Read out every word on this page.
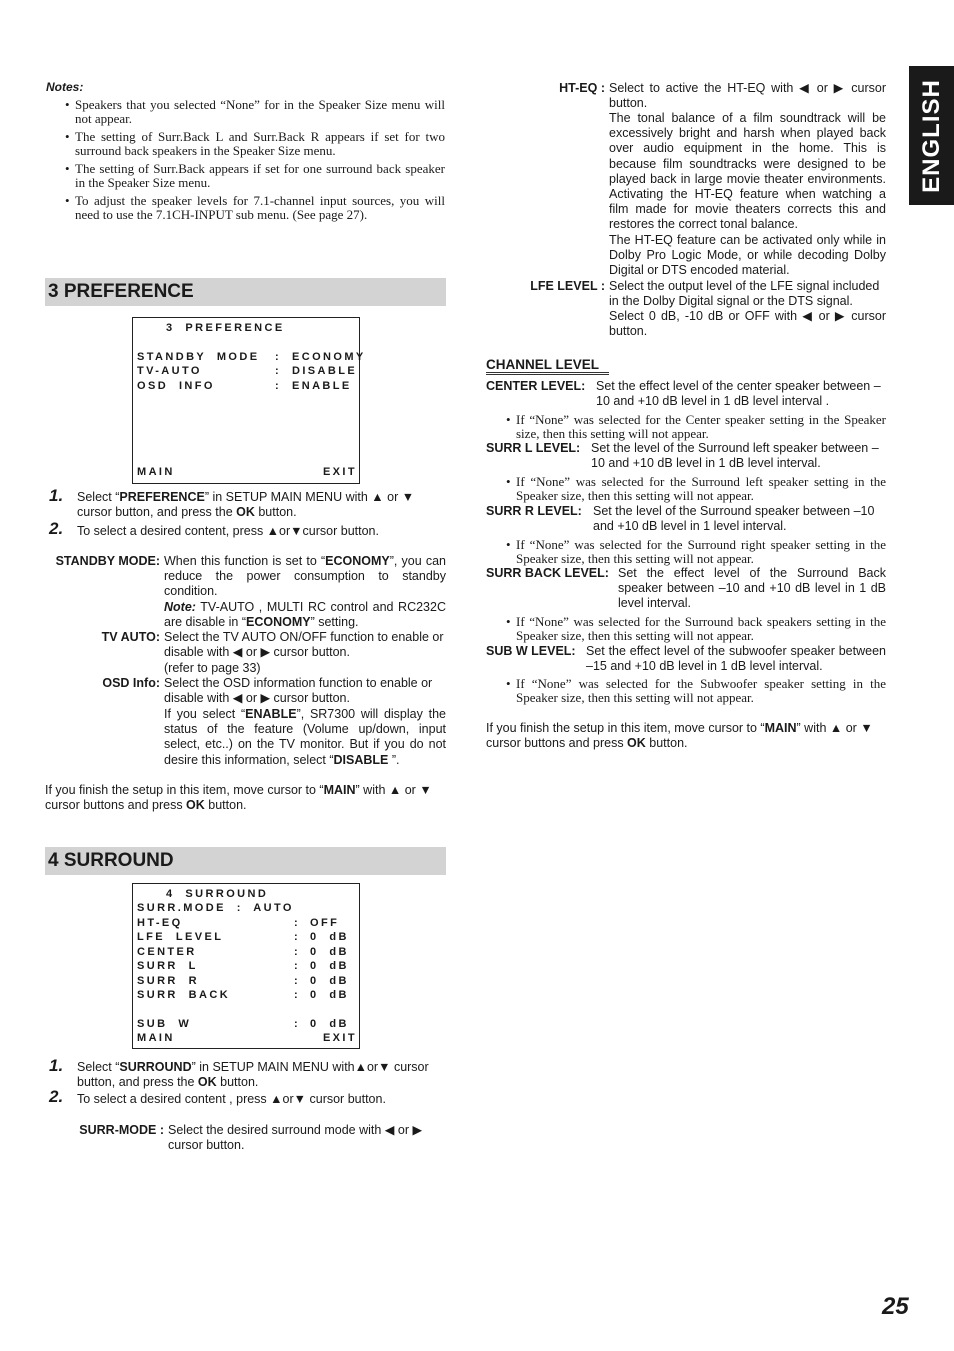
ENGLISH
Notes:
• Speakers that you selected “None” for in the Speaker Size menu will not appear.
• The setting of Surr.Back L and Surr.Back R appears if set for two surround back speakers in the Speaker Size menu.
• The setting of Surr.Back appears if set for one surround back speaker in the Speaker Size menu.
• To adjust the speaker levels for 7.1-channel input sources, you will need to use the 7.1CH-INPUT sub menu. (See page 27).
3 PREFERENCE
3  PREFERENCE
STANDBY  MODE : ECONOMY
TV-AUTO	: DISABLE
OSD  INFO	: ENABLE
MAIN	EXIT
1. Select “PREFERENCE” in SETUP MAIN MENU with ▲ or ▼ cursor button, and press the OK button.
2. To select a desired content, press ▲or▼cursor button.
STANDBY MODE: When this function is set to “ECONOMY”, you can reduce the power consumption to standby condition.
Note: TV-AUTO , MULTI RC control and RC232C are disable in “ECONOMY” setting.
TV AUTO: Select the TV AUTO ON/OFF function to enable or disable with ◀ or ▶ cursor button.
(refer to page 33)
OSD Info: Select the OSD information function to enable or disable with ◀ or ▶ cursor button.
If you select “ENABLE”, SR7300 will display the status of the feature (Volume up/down, input select, etc..) on the TV monitor. But if you do not desire this information, select “DISABLE ”.
If you finish the setup in this item, move cursor to “MAIN” with ▲ or ▼ cursor buttons and press OK button.
4 SURROUND
4  SURROUND
SURR.MODE  :  AUTO
HT-EQ	: OFF
LFE  LEVEL	: 0  dB
CENTER	: 0  dB
SURR  L	: 0  dB
SURR  R	: 0  dB
SURR  BACK	: 0  dB
SUB  W	: 0  dB
MAIN	EXIT
1. Select “SURROUND” in SETUP MAIN MENU with▲or▼ cursor button, and press the OK button.
2. To select a desired content , press ▲or▼ cursor button.
SURR-MODE : Select the desired surround mode with ◀ or ▶ cursor button.
HT-EQ : Select to active the HT-EQ with ◀ or ▶ cursor button.
The tonal balance of a film soundtrack will be excessively bright and harsh when played back over audio equipment in the home. This is because film soundtracks were designed to be played back in large movie theater environments. Activating the HT-EQ feature when watching a film made for movie theaters corrects this and restores the correct tonal balance.
The HT-EQ feature can be activated only while in Dolby Pro Logic Mode, or while decoding Dolby Digital or DTS encoded material.
LFE LEVEL : Select the output level of the LFE signal included in the Dolby Digital signal or the DTS signal.
Select 0 dB, -10 dB or OFF with ◀ or ▶ cursor button.
CHANNEL LEVEL
CENTER LEVEL: Set the effect level of the center speaker between – 10 and +10 dB level in 1 dB level interval .
• If “None” was selected for the Center speaker setting in the Speaker size, then this setting will not appear.
SURR L LEVEL: Set the level of the Surround left speaker between – 10 and +10 dB level in 1 dB level interval.
• If “None” was selected for the Surround left speaker setting in the Speaker size, then this setting will not appear.
SURR R LEVEL: Set the level of the Surround speaker between –10 and +10 dB level in 1 level interval.
• If “None” was selected for the Surround right speaker setting in the Speaker size, then this setting will not appear.
SURR BACK LEVEL: Set the effect level of the Surround Back speaker between –10 and +10 dB level in 1 dB level interval.
• If “None” was selected for the Surround back speakers setting in the Speaker size, then this setting will not appear.
SUB W LEVEL: Set the effect level of the subwoofer speaker between –15 and +10 dB level in 1 dB level interval.
• If “None” was selected for the Subwoofer speaker setting in the Speaker size, then this setting will not appear.
If you finish the setup in this item, move cursor to “MAIN” with ▲ or ▼ cursor buttons and press OK button.
25
